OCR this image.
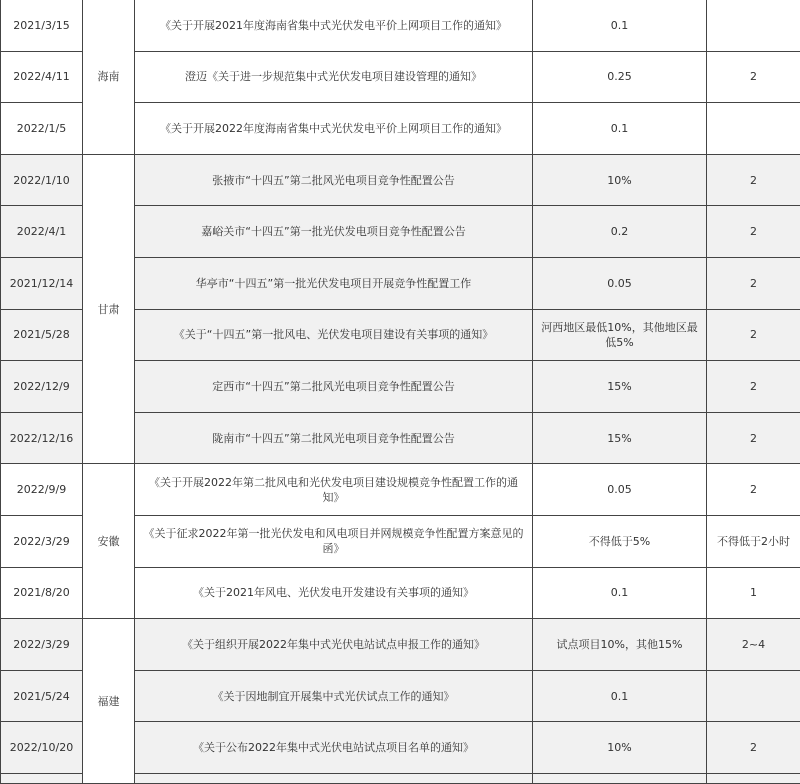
2021/3/15	海南	《关于开展2021年度海南省集中式光伏发电平价上网项目工作的通知》	0.1	
2022/4/11		澄迈《关于进一步规范集中式光伏发电项目建设管理的通知》	0.25	2
2022/1/5		《关于开展2022年度海南省集中式光伏发电平价上网项目工作的通知》	0.1	
2022/1/10	甘肃	张掖市“十四五”第二批风光电项目竞争性配置公告	10%	2
2022/4/1		嘉峪关市“十四五”第一批光伏发电项目竞争性配置公告	0.2	2
2021/12/14		华亭市“十四五”第一批光伏发电项目开展竞争性配置工作	0.05	2
2021/5/28		《关于“十四五”第一批风电、光伏发电项目建设有关事项的通知》	河西地区最低10%，其他地区最低5%	2
2022/12/9		定西市“十四五”第二批风光电项目竞争性配置公告	15%	2
2022/12/16		陇南市“十四五”第二批风光电项目竞争性配置公告	15%	2
2022/9/9	安徽	《关于开展2022年第二批风电和光伏发电项目建设规模竞争性配置工作的通知》	0.05	2
2022/3/29		《关于征求2022年第一批光伏发电和风电项目并网规模竞争性配置方案意见的函》	不得低于5%	不得低于2小时
2021/8/20		《关于2021年风电、光伏发电开发建设有关事项的通知》	0.1	1
2022/3/29	福建	《关于组织开展2022年集中式光伏电站试点申报工作的通知》	试点项目10%，其他15%	2~4
2021/5/24		《关于因地制宜开展集中式光伏试点工作的通知》	0.1	
2022/10/20		《关于公布2022年集中式光伏电站试点项目名单的通知》	10%	2
